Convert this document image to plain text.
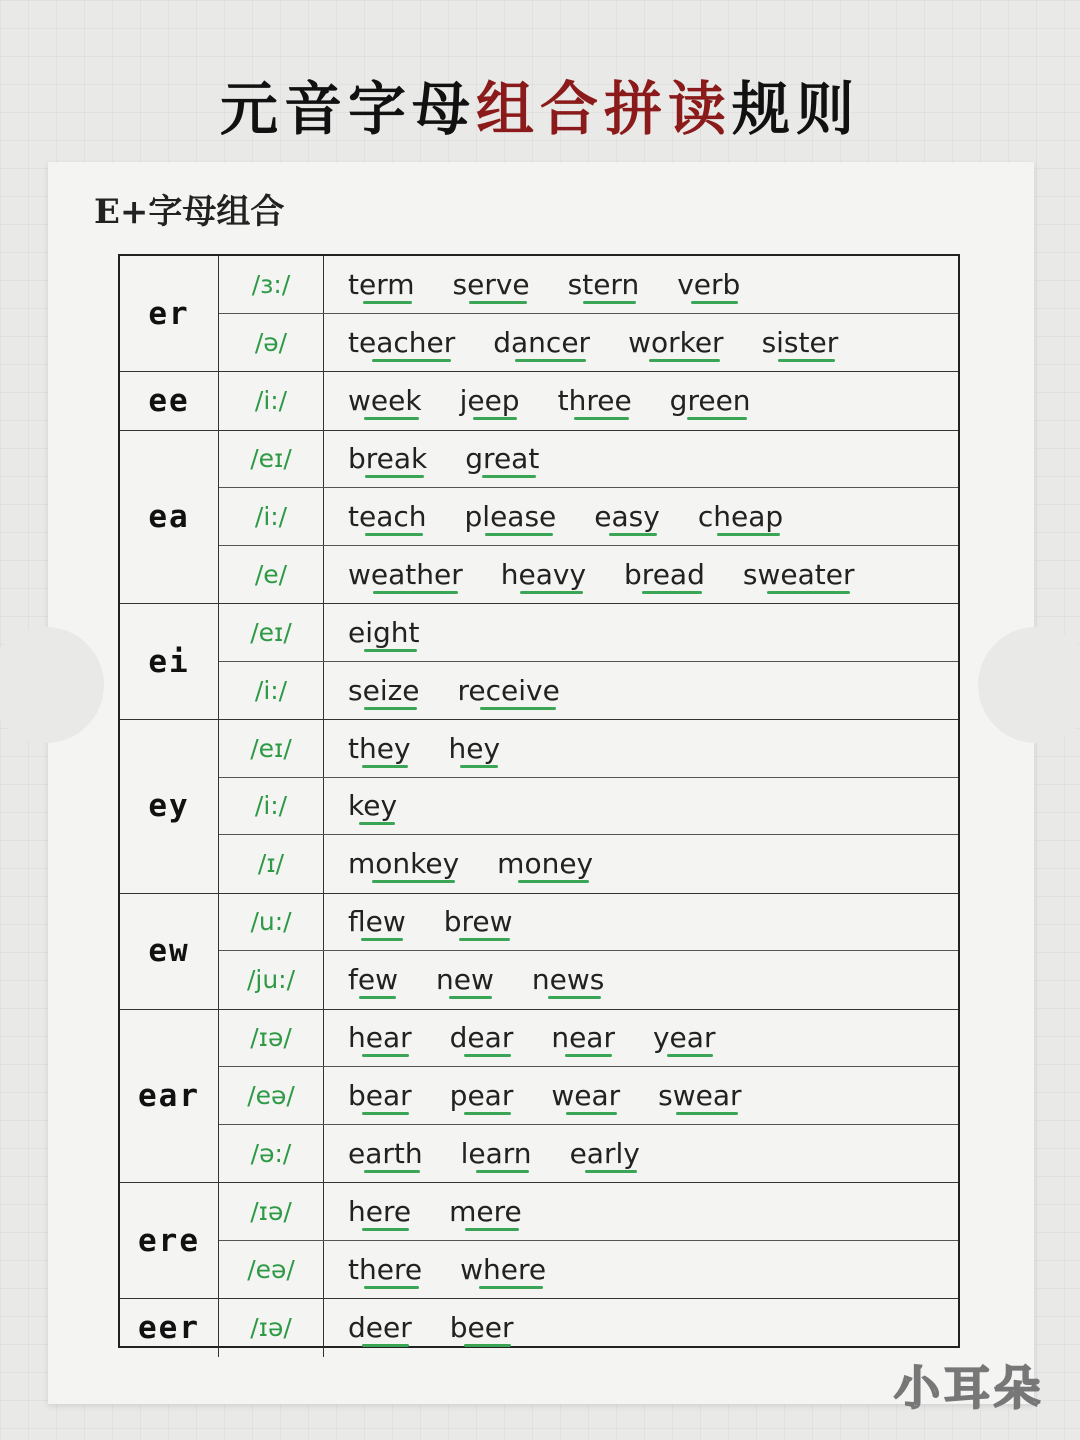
元音字母组合拼读规则
E+字母组合
er
/ɜ:/	term serve stern verb
/ə/	teacher dancer worker sister
ee	/i:/	week jeep three green
ea
/eɪ/	break great
/i:/	teach please easy cheap
/e/	weather heavy bread sweater
ei
/eɪ/	eight
/i:/	seize receive
ey
/eɪ/	they hey
/i:/	key
/ɪ/	monkey money
ew
/u:/	flew brew
/ju:/	few new news
ear
/ɪə/	hear dear near year
/eə/	bear pear wear swear
/ə:/	earth learn early
ere
/ɪə/	here mere
/eə/	there where
eer	/ɪə/	deer beer
小耳朵
